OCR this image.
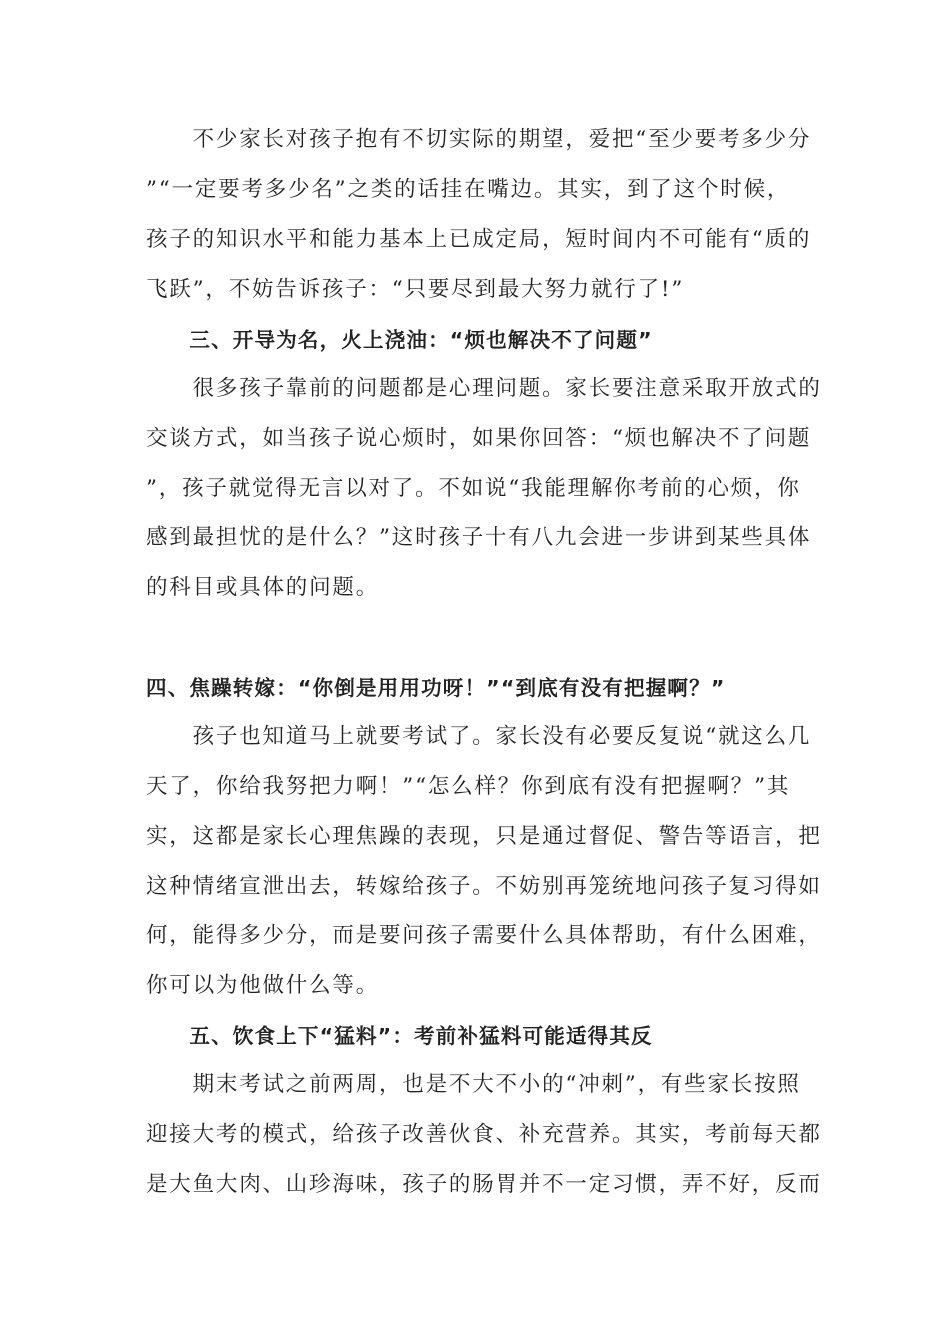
　　不少家长对孩子抱有不切实际的期望，爱把“至少要考多少分
”“一定要考多少名”之类的话挂在嘴边。其实，到了这个时候，
孩子的知识水平和能力基本上已成定局，短时间内不可能有“质的
飞跃”，不妨告诉孩子：“只要尽到最大努力就行了!”
　　三、开导为名，火上浇油：“烦也解决不了问题”
　　很多孩子靠前的问题都是心理问题。家长要注意采取开放式的
交谈方式，如当孩子说心烦时，如果你回答：“烦也解决不了问题
”，孩子就觉得无言以对了。不如说“我能理解你考前的心烦，你
感到最担忧的是什么？”这时孩子十有八九会进一步讲到某些具体
的科目或具体的问题。
四、焦躁转嫁：“你倒是用用功呀！”“到底有没有把握啊？”
　　孩子也知道马上就要考试了。家长没有必要反复说“就这么几
天了，你给我努把力啊！”“怎么样？你到底有没有把握啊？”其
实，这都是家长心理焦躁的表现，只是通过督促、警告等语言，把
这种情绪宣泄出去，转嫁给孩子。不妨别再笼统地问孩子复习得如
何，能得多少分，而是要问孩子需要什么具体帮助，有什么困难，
你可以为他做什么等。
　　五、饮食上下“猛料”：考前补猛料可能适得其反
　　期末考试之前两周，也是不大不小的“冲刺”，有些家长按照
迎接大考的模式，给孩子改善伙食、补充营养。其实，考前每天都
是大鱼大肉、山珍海味，孩子的肠胃并不一定习惯，弄不好，反而
